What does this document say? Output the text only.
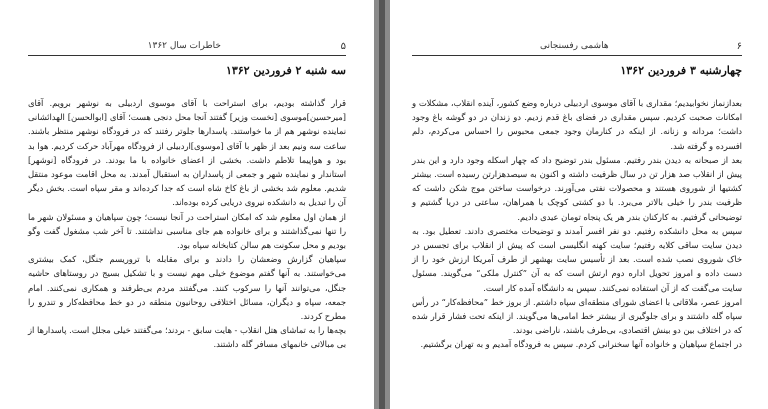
۵
خاطرات سال ۱۳۶۲
سه شنبه ۲ فروردین ۱۳۶۲

قرار گذاشته بودیم، برای استراحت با آقای موسوی اردبیلی به نوشهر برویم. آقای [میرحسین]موسوی [نخست وزیر] گفتند آنجا محل دنجی هست؛ آقای [ابوالحسن] الهدائشانی نماینده نوشهر هم از ما خواستند. پاسدارها جلوتر رفتند که در فرودگاه نوشهر منتظر باشند. ساعت سه ونیم بعد از ظهر با آقای [موسوی]اردبیلی از فرودگاه مهرآباد حرکت کردیم. هوا بد بود و هواپیما تلاطم داشت. بخشی از اعضای خانواده با ما بودند. در فرودگاه [نوشهر] استاندار و نماینده شهر و جمعی از پاسداران به استقبال آمدند. به محل اقامت موعود منتقل شدیم. معلوم شد بخشی از باغ کاخ شاه است که جدا کرده‌اند و مقر سپاه است. بخش دیگر آن را تبدیل به دانشکده نیروی دریایی کرده بوده‌اند.

از همان اول معلوم شد که امکان استراحت در آنجا نیست؛ چون سپاهیان و مسئولان شهر ما را تنها نمی‌گذاشتند و برای خانواده هم جای مناسبی نداشتند. تا آخر شب مشغول گفت وگو بودیم و محل سکونت هم سالن کتابخانه سپاه بود.

سپاهیان گزارش وضعشان را دادند و برای مقابله با تروریسم جنگل، کمک بیشتری می‌خواستند. به آنها گفتم موضوع خیلی مهم نیست و با تشکیل بسیج در روستاهای حاشیه جنگل، می‌توانند آنها را سرکوب کنند. می‌گفتند مردم بی‌طرفند و همکاری نمی‌کنند. امام جمعه، سپاه و دیگران، مسائل اختلافی روحانیون منطقه در دو خط محافظه‌کار و تندرو را مطرح کردند.

بچه‌ها را به تماشای هتل انقلاب - هایت سابق - بردند؛ می‌گفتند خیلی مجلل است. پاسدارها از بی مبالاتی خانمهای مسافر گله داشتند.

۶
هاشمی رفسنجانی
چهارشنبه ۳ فروردین ۱۳۶۲

بعدازنماز نخوابیدیم؛ مقداری با آقای موسوی اردبیلی درباره وضع کشور، آینده انقلاب، مشکلات و امکانات صحبت کردیم. سپس مقداری در فضای باغ قدم زدیم. دو زندان در دو گوشه باغ وجود داشت؛ مردانه و زنانه. از اینکه در کنارمان وجود جمعی محبوس را احساس می‌کردم، دلم افسرده و گرفته شد.

بعد از صبحانه به دیدن بندر رفتیم. مسئول بندر توضیح داد که چهار اسکله وجود دارد و این بندر پیش از انقلاب صد هزار تن در سال ظرفیت داشته و اکنون به سیصدهزارتن رسیده است. بیشتر کشتیها از شوروی هستند و محصولات نفتی می‌آورند. درخواست ساختن موج شکن داشت که ظرفیت بندر را خیلی بالاتر می‌برد. با دو کشتی کوچک با همراهان، ساعتی در دریا گشتیم و توضیحاتی گرفتیم. به کارکنان بندر هر یک پنجاه تومان عیدی دادیم.

سپس به محل دانشکده رفتیم. دو نفر افسر آمدند و توضیحات مختصری دادند. تعطیل بود. به دیدن سایت ساقی کلایه رفتیم؛ سایت کهنه انگلیسی است که پیش از انقلاب برای تجسس در خاک شوروی نصب شده است. بعد از تأسیس سایت بهشهر از طرف آمریکا ارزش خود را از دست داده و امروز تحویل اداره دوم ارتش است که به آن ”کنترل ملکی“ می‌گویند. مسئول سایت می‌گفت که از آن استفاده نمی‌کنند. سپس به دانشگاه آمده کار است.

امروز عصر، ملاقاتی با اعضای شورای منطقه‌ای سپاه داشتم. از بروز خط ”محافظه‌کار“ در رأس سپاه گله داشتند و برای جلوگیری از بیشتر خط امامی‌ها می‌گویند. از اینکه تحت فشار قرار شده که در اختلاف بین دو بینش اقتصادی، بی‌طرف باشند، ناراضی بودند.

در اجتماع سپاهیان و خانواده آنها سخنرانی کردم. سپس به فرودگاه آمدیم و به تهران برگشتیم.
